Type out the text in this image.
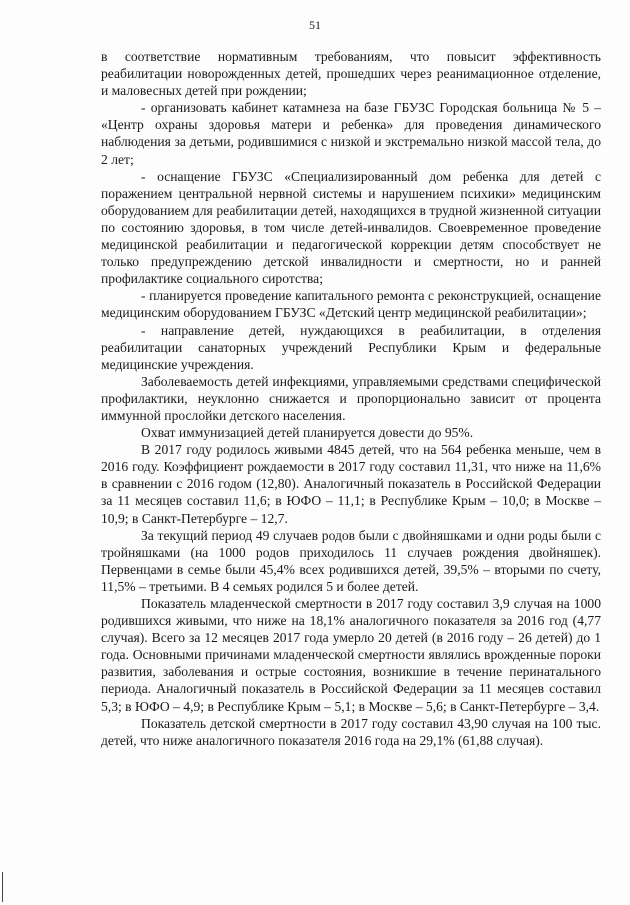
51

в соответствие нормативным требованиям, что повысит эффективность реабилитации новорожденных детей, прошедших через реанимационное отделение, и маловесных детей при рождении;

- организовать кабинет катамнеза на базе ГБУЗС Городская больница № 5 – «Центр охраны здоровья матери и ребенка» для проведения динамического наблюдения за детьми, родившимися с низкой и экстремально низкой массой тела, до 2 лет;

- оснащение ГБУЗС «Специализированный дом ребенка для детей с поражением центральной нервной системы и нарушением психики» медицинским оборудованием для реабилитации детей, находящихся в трудной жизненной ситуации по состоянию здоровья, в том числе детей-инвалидов. Своевременное проведение медицинской реабилитации и педагогической коррекции детям способствует не только предупреждению детской инвалидности и смертности, но и ранней профилактике социального сиротства;

- планируется проведение капитального ремонта с реконструкцией, оснащение медицинским оборудованием ГБУЗС «Детский центр медицинской реабилитации»;

- направление детей, нуждающихся в реабилитации, в отделения реабилитации санаторных учреждений Республики Крым и федеральные медицинские учреждения.

Заболеваемость детей инфекциями, управляемыми средствами специфической профилактики, неуклонно снижается и пропорционально зависит от процента иммунной прослойки детского населения.

Охват иммунизацией детей планируется довести до 95%.

В 2017 году родилось живыми 4845 детей, что на 564 ребенка меньше, чем в 2016 году. Коэффициент рождаемости в 2017 году составил 11,31, что ниже на 11,6% в сравнении с 2016 годом (12,80). Аналогичный показатель в Российской Федерации за 11 месяцев составил 11,6; в ЮФО – 11,1; в Республике Крым – 10,0; в Москве – 10,9; в Санкт-Петербурге – 12,7.

За текущий период 49 случаев родов были с двойняшками и одни роды были с тройняшками (на 1000 родов приходилось 11 случаев рождения двойняшек). Первенцами в семье были 45,4% всех родившихся детей, 39,5% – вторыми по счету, 11,5% – третьими. В 4 семьях родился 5 и более детей.

Показатель младенческой смертности в 2017 году составил 3,9 случая на 1000 родившихся живыми, что ниже на 18,1% аналогичного показателя за 2016 год (4,77 случая). Всего за 12 месяцев 2017 года умерло 20 детей (в 2016 году – 26 детей) до 1 года. Основными причинами младенческой смертности являлись врожденные пороки развития, заболевания и острые состояния, возникшие в течение перинатального периода. Аналогичный показатель в Российской Федерации за 11 месяцев составил 5,3; в ЮФО – 4,9; в Республике Крым – 5,1; в Москве – 5,6; в Санкт-Петербурге – 3,4.

Показатель детской смертности в 2017 году составил 43,90 случая на 100 тыс. детей, что ниже аналогичного показателя 2016 года на 29,1% (61,88 случая).
